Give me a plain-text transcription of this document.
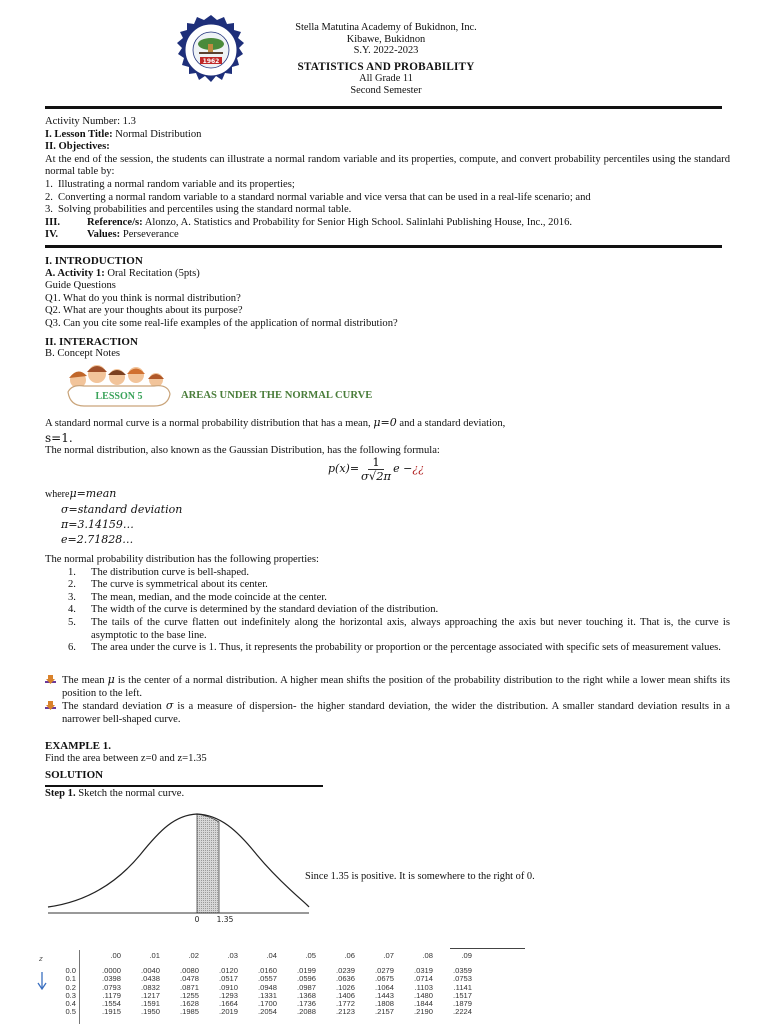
1962
Stella Matutina Academy of Bukidnon, Inc.
Kibawe, Bukidnon
S.Y. 2022-2023
STATISTICS AND PROBABILITY
All Grade 11
Second Semester
Activity Number: 1.3
I. Lesson Title: Normal Distribution
II. Objectives:
At the end of the session, the students can illustrate a normal random variable and its properties, compute, and convert probability percentiles using the standard normal table by:
1. Illustrating a normal random variable and its properties;
2. Converting a normal random variable to a standard normal variable and vice versa that can be used in a real-life scenario; and
3. Solving probabilities and percentiles using the standard normal table.
III.	Reference/s: Alonzo, A. Statistics and Probability for Senior High School. Salinlahi Publishing House, Inc., 2016.
IV.	Values: Perseverance
I. INTRODUCTION
A. Activity 1: Oral Recitation (5pts)
Guide Questions
Q1. What do you think is normal distribution?
Q2. What are your thoughts about its purpose?
Q3. Can you cite some real-life examples of the application of normal distribution?
II. INTERACTION
B. Concept Notes
LESSON 5	AREAS UNDER THE NORMAL CURVE
A standard normal curve is a normal probability distribution that has a mean, μ=0 and a standard deviation,
s=1.
The normal distribution, also known as the Gaussian Distribution, has the following formula:
$p(x)= \frac{1}{\sigma√2\pi}$ e − ¿¿
whereμ=mean
σ=standard deviation
π=3.14159…
e=2.71828…
The normal probability distribution has the following properties:
1.	The distribution curve is bell-shaped.
2.	The curve is symmetrical about its center.
3.	The mean, median, and the mode coincide at the center.
4.	The width of the curve is determined by the standard deviation of the distribution.
5.	The tails of the curve flatten out indefinitely along the horizontal axis, always approaching the axis but never touching it. That is, the curve is asymptotic to the base line.
6.	The area under the curve is 1. Thus, it represents the probability or proportion or the percentage associated with specific sets of measurement values.
The mean μ is the center of a normal distribution. A higher mean shifts the position of the probability distribution to the right while a lower mean shifts its position to the left.
The standard deviation σ is a measure of dispersion- the higher standard deviation, the wider the distribution. A smaller standard deviation results in a narrower bell-shaped curve.
EXAMPLE 1.
Find the area between z=0 and z=1.35
SOLUTION
Step 1. Sketch the normal curve.
0 1.35
Since 1.35 is positive. It is somewhere to the right of 0.
z
			.00	.01	.02	.03	.04	.05	.06	.07	.08	.09
0.0		.0000	.0040	.0080	.0120	.0160	.0199	.0239	.0279	.0319	.0359
0.1		.0398	.0438	.0478	.0517	.0557	.0596	.0636	.0675	.0714	.0753
0.2		.0793	.0832	.0871	.0910	.0948	.0987	.1026	.1064	.1103	.1141
0.3		.1179	.1217	.1255	.1293	.1331	.1368	.1406	.1443	.1480	.1517
0.4		.1554	.1591	.1628	.1664	.1700	.1736	.1772	.1808	.1844	.1879
0.5		.1915	.1950	.1985	.2019	.2054	.2088	.2123	.2157	.2190	.2224
